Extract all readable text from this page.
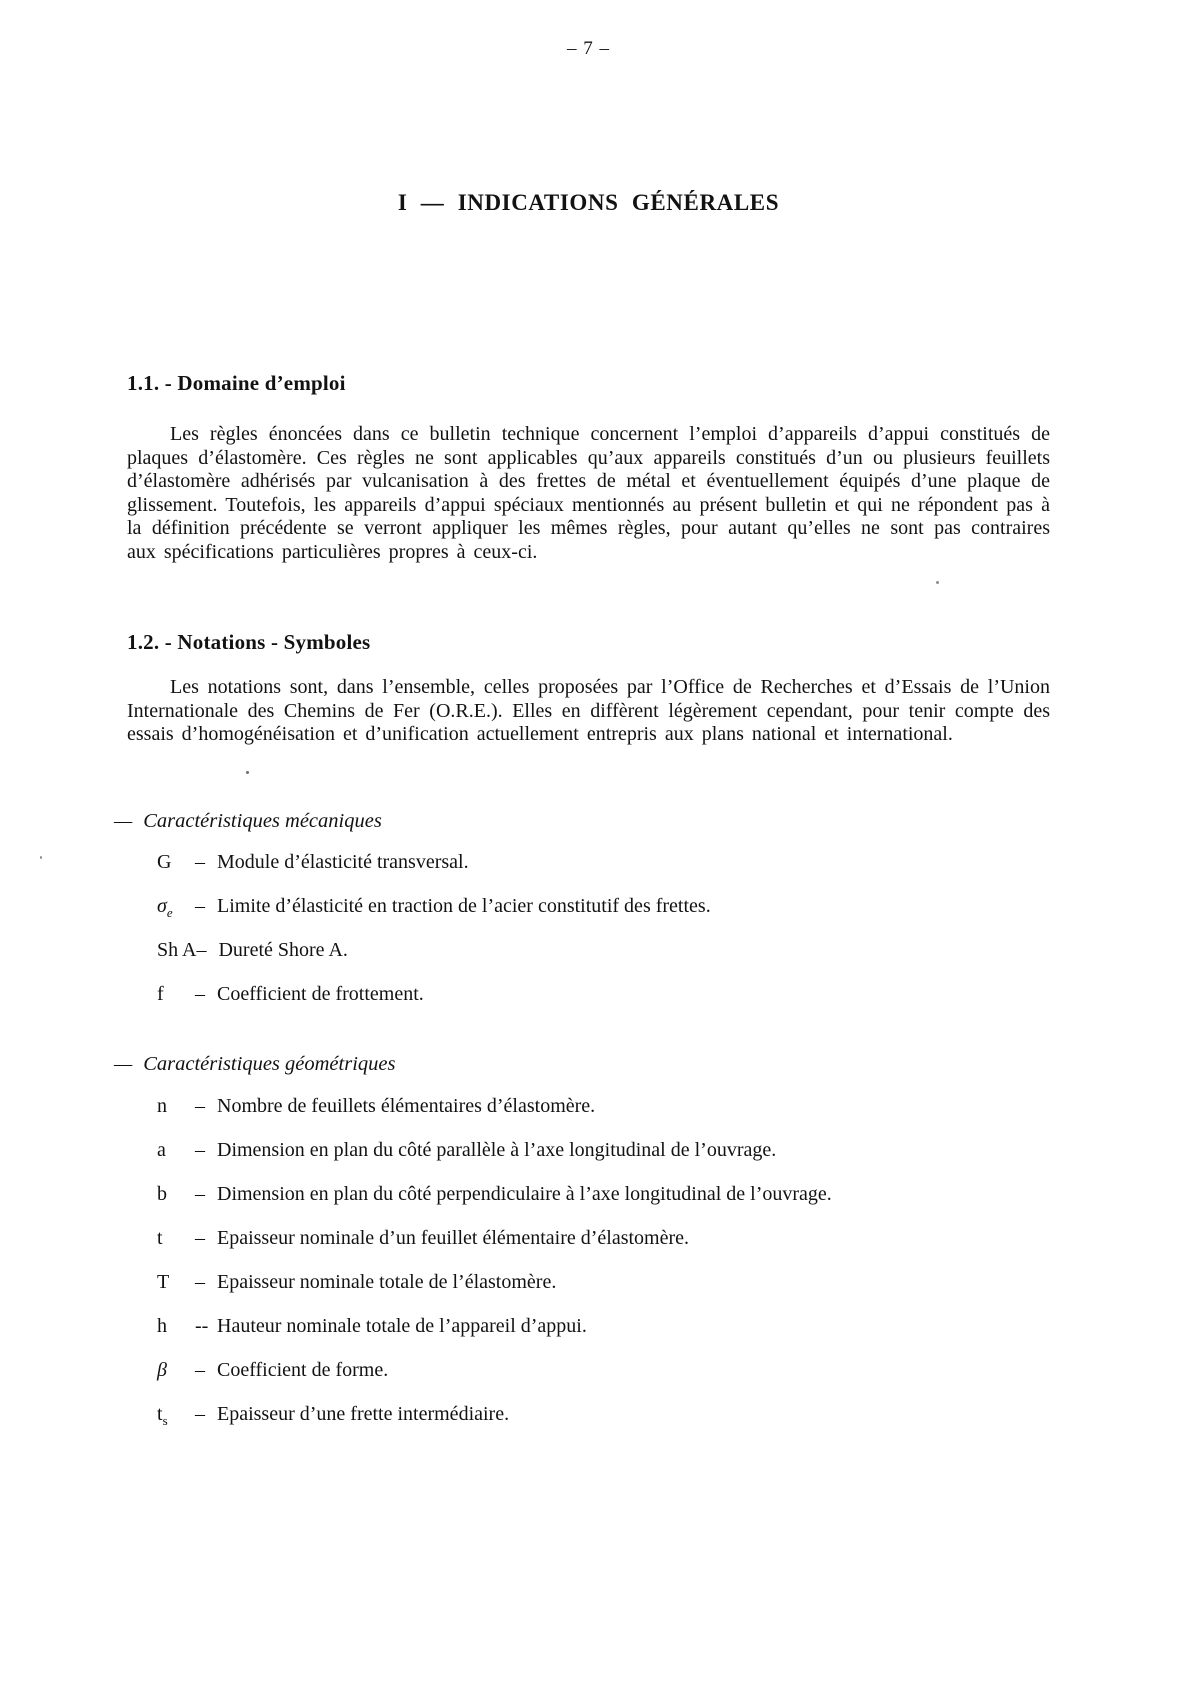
– 7 –
I — INDICATIONS GÉNÉRALES
1.1. - Domaine d’emploi

Les règles énoncées dans ce bulletin technique concernent l’emploi d’appareils d’appui constitués de plaques d’élastomère. Ces règles ne sont applicables qu’aux appareils constitués d’un ou plusieurs feuillets d’élastomère adhérisés par vulcanisation à des frettes de métal et éventuellement équipés d’une plaque de glissement. Toutefois, les appareils d’appui spéciaux mentionnés au présent bulletin et qui ne répondent pas à la définition précédente se verront appliquer les mêmes règles, pour autant qu’elles ne sont pas contraires aux spécifications particulières propres à ceux-ci.

1.2. - Notations - Symboles

Les notations sont, dans l’ensemble, celles proposées par l’Office de Recherches et d’Essais de l’Union Internationale des Chemins de Fer (O.R.E.). Elles en diffèrent légèrement cependant, pour tenir compte des essais d’homogénéisation et d’unification actuellement entrepris aux plans national et international.

— Caractéristiques mécaniques
G	– Module d’élasticité transversal.
$\sigma_e$	– Limite d’élasticité en traction de l’acier constitutif des frettes.
Sh A – Dureté Shore A.
f	– Coefficient de frottement.
— Caractéristiques géométriques
n	– Nombre de feuillets élémentaires d’élastomère.
a	– Dimension en plan du côté parallèle à l’axe longitudinal de l’ouvrage.
b	– Dimension en plan du côté perpendiculaire à l’axe longitudinal de l’ouvrage.
t	– Epaisseur nominale d’un feuillet élémentaire d’élastomère.
T	– Epaisseur nominale totale de l’élastomère.
h	-- Hauteur nominale totale de l’appareil d’appui.
β	– Coefficient de forme.
$t_s$	– Epaisseur d’une frette intermédiaire.
